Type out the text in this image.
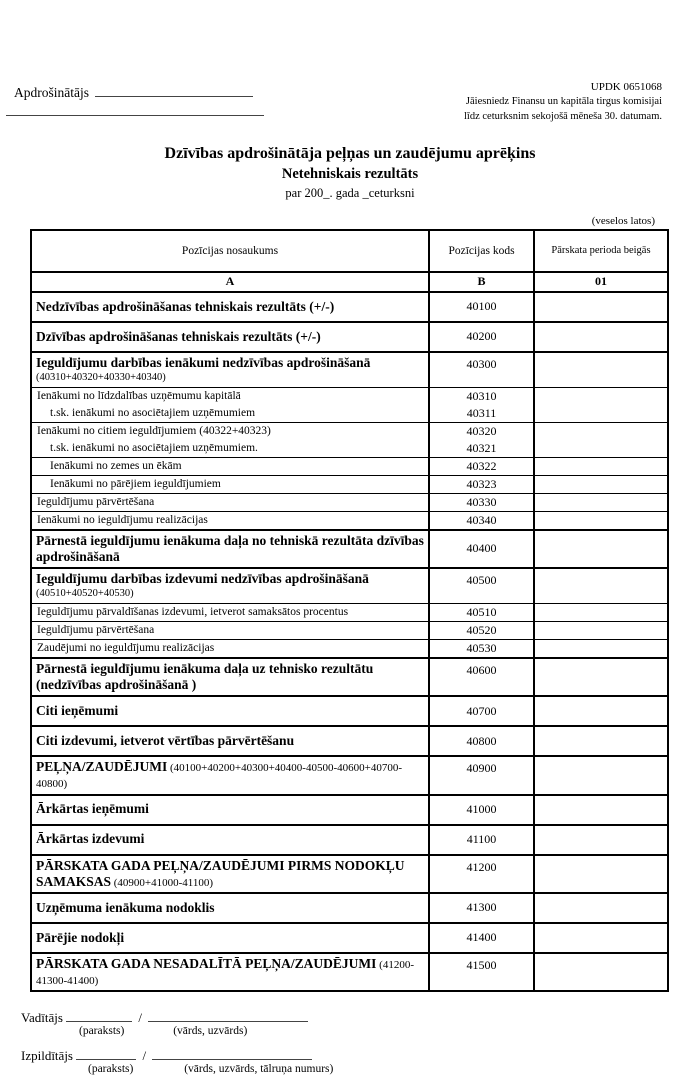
Apdrošinātājs	UPDK 0651068
Jāiesniedz Finansu un kapitāla tirgus komisijai
līdz ceturksnim sekojošā mēneša 30. datumam.
Dzīvības apdrošinātāja peļņas un zaudējumu aprēķins
Netehniskais rezultāts
par 200_. gada _ceturksni
(veselos latos)
Pozīcijas nosaukums	Pozīcijas kods	Pārskata perioda beigās
A	B	01
Nedzīvības apdrošināšanas tehniskais rezultāts (+/-)	40100	
Dzīvības apdrošināšanas tehniskais rezultāts (+/-)	40200	
Ieguldījumu darbības ienākumi nedzīvības apdrošināšanā
(40310+40320+40330+40340)	40300	
Ienākumi no līdzdalības uzņēmumu kapitālā	40310	
t.sk. ienākumi no asociētajiem uzņēmumiem	40311	
Ienākumi no citiem ieguldījumiem (40322+40323)	40320	
t.sk. ienākumi no asociētajiem uzņēmumiem.	40321	
Ienākumi no zemes un ēkām	40322	
Ienākumi no pārējiem ieguldījumiem	40323	
Ieguldījumu pārvērtēšana	40330	
Ienākumi no ieguldījumu realizācijas	40340	
Pārnestā ieguldījumu ienākuma daļa no tehniskā rezultāta dzīvības apdrošināšanā	40400	
Ieguldījumu darbības izdevumi nedzīvības apdrošināšanā
(40510+40520+40530)	40500	
Ieguldījumu pārvaldīšanas izdevumi, ietverot samaksātos procentus	40510	
Ieguldījumu pārvērtēšana	40520	
Zaudējumi no ieguldījumu realizācijas	40530	
Pārnestā ieguldījumu ienākuma daļa uz tehnisko rezultātu (nedzīvības apdrošināšanā )	40600	
Citi ieņēmumi	40700	
Citi izdevumi, ietverot vērtības pārvērtēšanu	40800	
PEĻŅA/ZAUDĒJUMI (40100+40200+40300+40400-40500-40600+40700-40800)	40900	
Ārkārtas ieņēmumi	41000	
Ārkārtas izdevumi	41100	
PĀRSKATA GADA PEĻŅA/ZAUDĒJUMI PIRMS NODOKĻU SAMAKSAS (40900+41000-41100)	41200	
Uzņēmuma ienākuma nodoklis	41300	
Pārējie nodokļi	41400	
PĀRSKATA GADA NESADALĪTĀ PEĻŅA/ZAUDĒJUMI (41200-41300-41400)	41500	
Vadītājs	/
(paraksts)	(vārds, uzvārds)
Izpildītājs	/
(paraksts)	(vārds, uzvārds, tālruņa numurs)
